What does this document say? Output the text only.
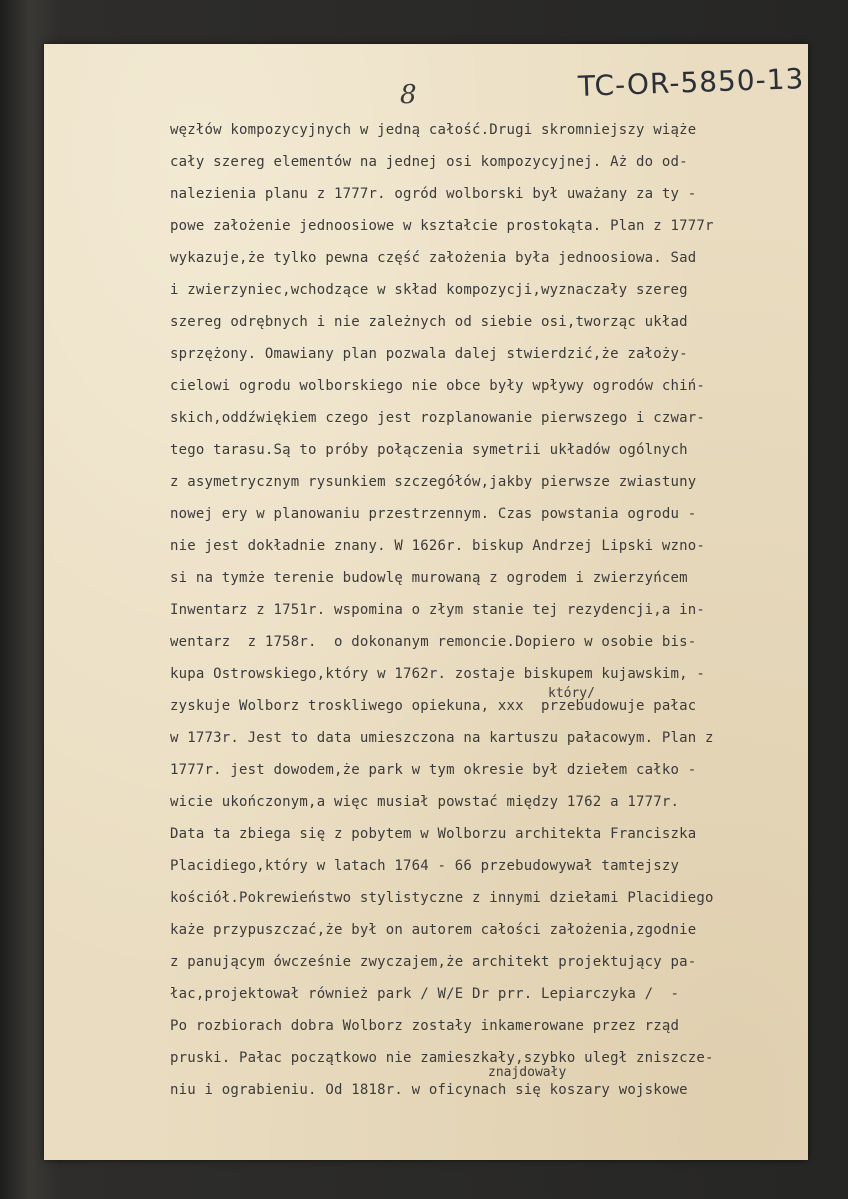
8	TC-OR-5850-13
węzłów kompozycyjnych w jedną całość.Drugi skromniejszy wiąże
cały szereg elementów na jednej osi kompozycyjnej. Aż do od-
nalezienia planu z 1777r. ogród wolborski był uważany za ty -
powe założenie jednoosiowe w kształcie prostokąta. Plan z 1777r
wykazuje,że tylko pewna część założenia była jednoosiowa. Sad
i zwierzyniec,wchodzące w skład kompozycji,wyznaczały szereg
szereg odrębnych i nie zależnych od siebie osi,tworząc układ
sprzężony. Omawiany plan pozwala dalej stwierdzić,że założy-
cielowi ogrodu wolborskiego nie obce były wpływy ogrodów chiń-
skich,oddźwiękiem czego jest rozplanowanie pierwszego i czwar-
tego tarasu.Są to próby połączenia symetrii układów ogólnych
z asymetrycznym rysunkiem szczegółów,jakby pierwsze zwiastuny
nowej ery w planowaniu przestrzennym. Czas powstania ogrodu -
nie jest dokładnie znany. W 1626r. biskup Andrzej Lipski wzno-
si na tymże terenie budowlę murowaną z ogrodem i zwierzyńcem
Inwentarz z 1751r. wspomina o złym stanie tej rezydencji,a in-
wentarz  z 1758r.  o dokonanym remoncie.Dopiero w osobie bis-
kupa Ostrowskiego,który w 1762r. zostaje biskupem kujawskim, -
zyskuje Wolborz troskliwego opiekuna, xxx  przebudowuje pałac
w 1773r. Jest to data umieszczona na kartuszu pałacowym. Plan z
1777r. jest dowodem,że park w tym okresie był dziełem całko -
wicie ukończonym,a więc musiał powstać między 1762 a 1777r.
Data ta zbiega się z pobytem w Wolborzu architekta Franciszka
Placidiego,który w latach 1764 - 66 przebudowywał tamtejszy
kościół.Pokrewieństwo stylistyczne z innymi dziełami Placidiego
każe przypuszczać,że był on autorem całości założenia,zgodnie
z panującym ówcześnie zwyczajem,że architekt projektujący pa-
łac,projektował również park / W/E Dr prr. Lepiarczyka /  -
Po rozbiorach dobra Wolborz zostały inkamerowane przez rząd
pruski. Pałac początkowo nie zamieszkały,szybko uległ zniszcze-
niu i ograbieniu. Od 1818r. w oficynach się koszary wojskowe
który/
znajdowały
